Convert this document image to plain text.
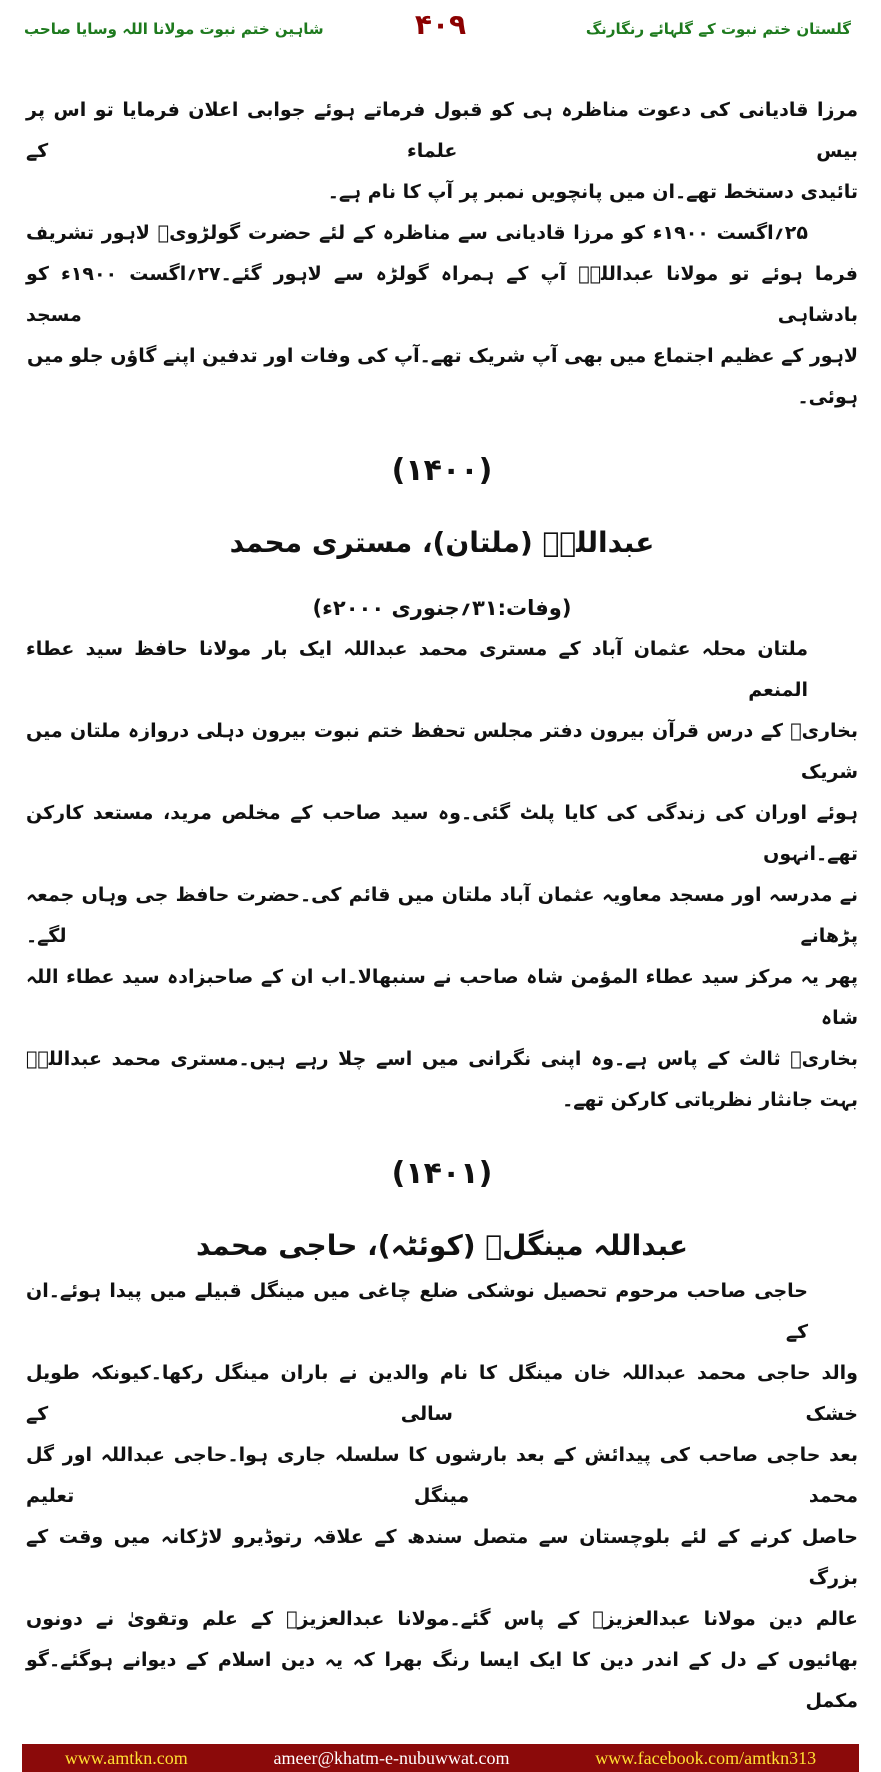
گلستان ختم نبوت کے گلہائے رنگارنگ
۴۰۹
شاہین ختم نبوت مولانا اللہ وسایا صاحب
مرزا قادیانی کی دعوت مناظرہ ہی کو قبول فرماتے ہوئے جوابی اعلان فرمایا تو اس پر بیس علماء کے
تائیدی دستخط تھے۔ان میں پانچویں نمبر پر آپ کا نام ہے۔
۲۵؍اگست ۱۹۰۰ء کو مرزا قادیانی سے مناظرہ کے لئے حضرت گولڑویؒ لاہور تشریف
فرما ہوئے تو مولانا عبداللہؒ آپ کے ہمراہ گولڑہ سے لاہور گئے۔۲۷؍اگست ۱۹۰۰ء کو بادشاہی مسجد
لاہور کے عظیم اجتماع میں بھی آپ شریک تھے۔آپ کی وفات اور تدفین اپنے گاؤں جلو میں ہوئی۔
(۱۴۰۰)
عبداللہؒ (ملتان)، مستری محمد
(وفات:۳۱؍جنوری ۲۰۰۰ء)
ملتان محلہ عثمان آباد کے مستری محمد عبداللہ ایک بار مولانا حافظ سید عطاء المنعم
بخاریؒ کے درس قرآن بیرون دفتر مجلس تحفظ ختم نبوت بیرون دہلی دروازہ ملتان میں شریک
ہوئے اوران کی زندگی کی کایا پلٹ گئی۔وہ سید صاحب کے مخلص مرید، مستعد کارکن تھے۔انہوں
نے مدرسہ اور مسجد معاویہ عثمان آباد ملتان میں قائم کی۔حضرت حافظ جی وہاں جمعہ پڑھانے لگے۔
پھر یہ مرکز سید عطاء المؤمن شاہ صاحب نے سنبھالا۔اب ان کے صاحبزادہ سید عطاء اللہ شاہ
بخاریؒ ثالث کے پاس ہے۔وہ اپنی نگرانی میں اسے چلا رہے ہیں۔مستری محمد عبداللہؒ
بہت جانثار نظریاتی کارکن تھے۔
(۱۴۰۱)
عبداللہ مینگلؒ (کوئٹہ)، حاجی محمد
حاجی صاحب مرحوم تحصیل نوشکی ضلع چاغی میں مینگل قبیلے میں پیدا ہوئے۔ان کے
والد حاجی محمد عبداللہ خان مینگل کا نام والدین نے باران مینگل رکھا۔کیونکہ طویل خشک سالی کے
بعد حاجی صاحب کی پیدائش کے بعد بارشوں کا سلسلہ جاری ہوا۔حاجی عبداللہ اور گل محمد مینگل تعلیم
حاصل کرنے کے لئے بلوچستان سے متصل سندھ کے علاقہ رتوڈیرو لاڑکانہ میں وقت کے بزرگ
عالم دین مولانا عبدالعزیزؒ کے پاس گئے۔مولانا عبدالعزیزؒ کے علم وتقویٰ نے دونوں
بھائیوں کے دل کے اندر دین کا ایک ایسا رنگ بھرا کہ یہ دین اسلام کے دیوانے ہوگئے۔گو مکمل
www.amtkn.com	ameer@khatm-e-nubuwwat.com	www.facebook.com/amtkn313
